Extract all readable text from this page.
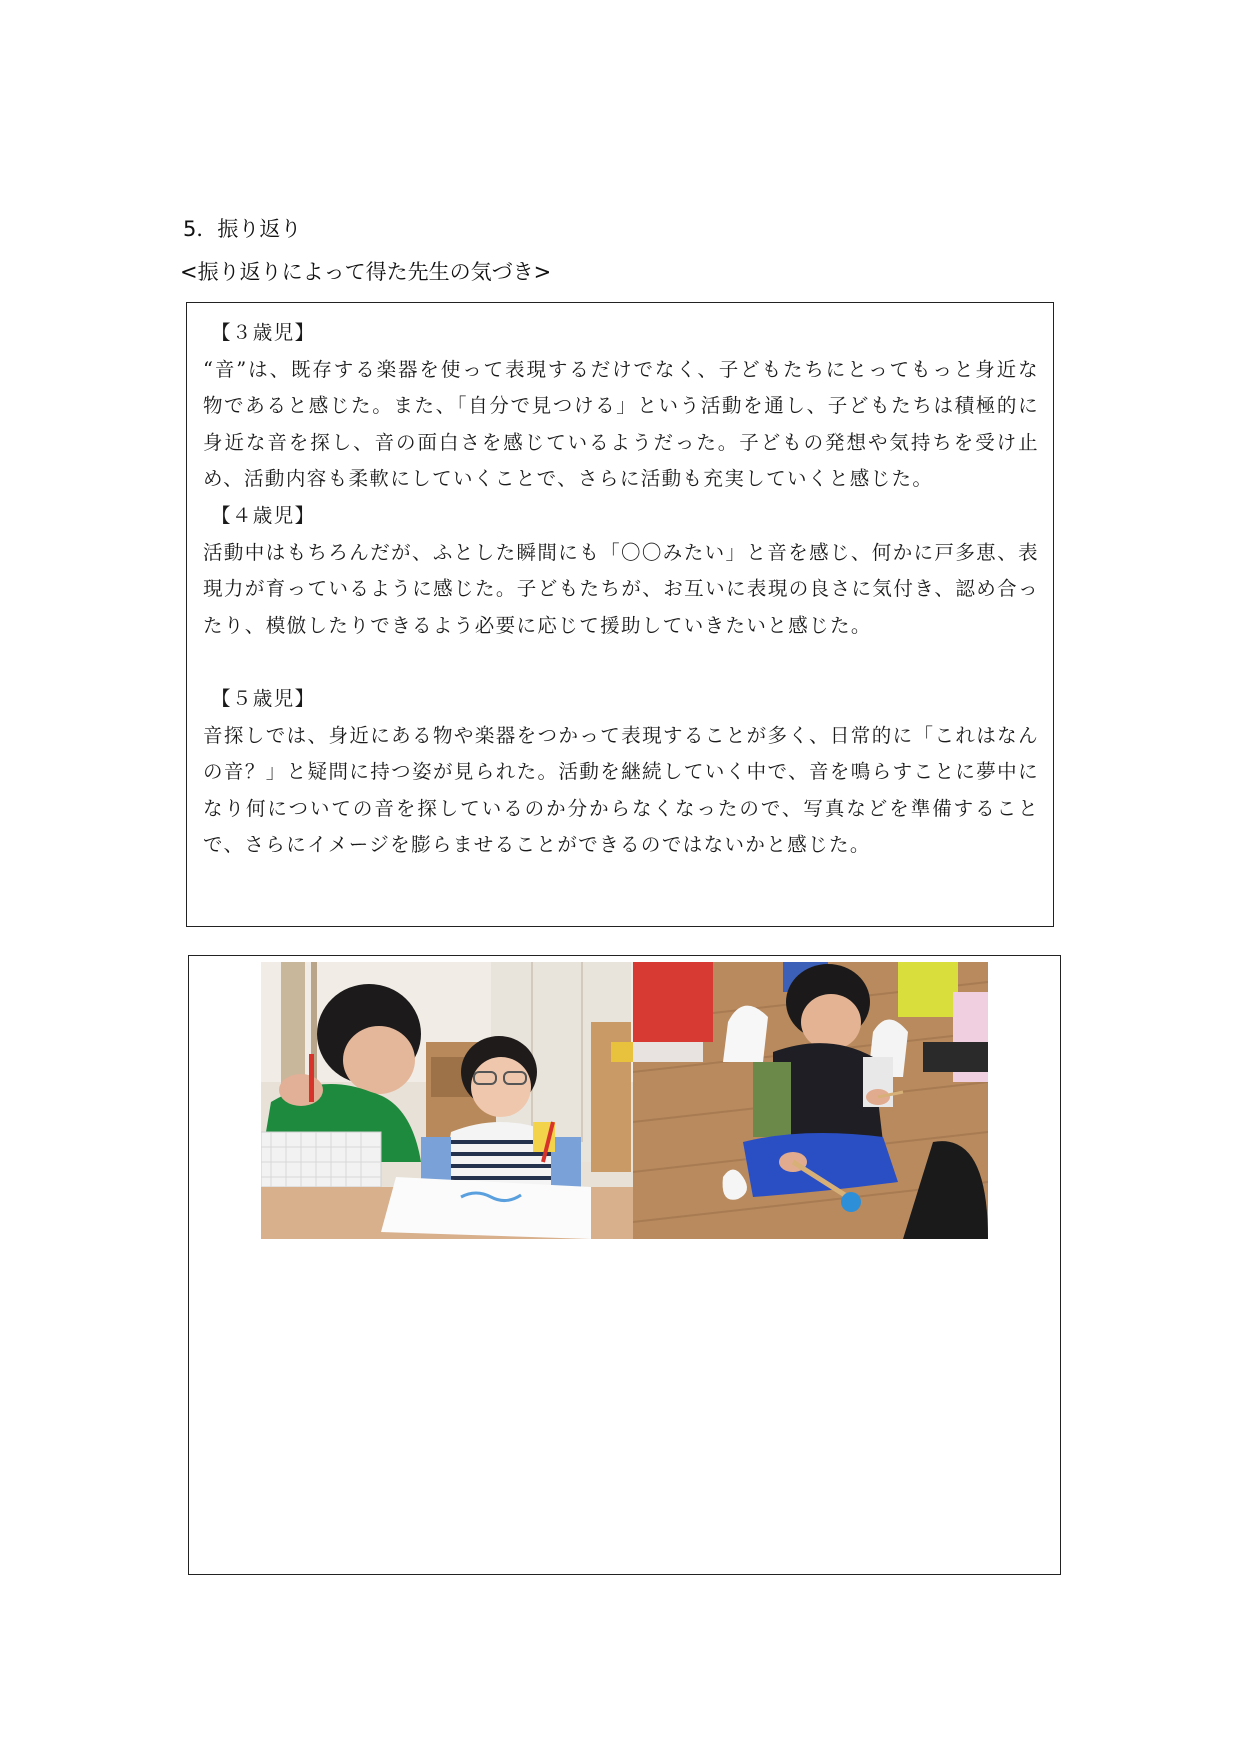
5．振り返り
<振り返りによって得た先生の気づき>

【３歳児】

“音”は、既存する楽器を使って表現するだけでなく、子どもたちにとってもっと身近な物であると感じた。また、「自分で見つける」という活動を通し、子どもたちは積極的に身近な音を探し、音の面白さを感じているようだった。子どもの発想や気持ちを受け止め、活動内容も柔軟にしていくことで、さらに活動も充実していくと感じた。

【４歳児】

活動中はもちろんだが、ふとした瞬間にも「〇〇みたい」と音を感じ、何かに戸多恵、表現力が育っているように感じた。子どもたちが、お互いに表現の良さに気付き、認め合ったり、模倣したりできるよう必要に応じて援助していきたいと感じた。

【５歳児】

音探しでは、身近にある物や楽器をつかって表現することが多く、日常的に「これはなんの音？」と疑問に持つ姿が見られた。活動を継続していく中で、音を鳴らすことに夢中になり何についての音を探しているのか分からなくなったので、写真などを準備することで、さらにイメージを膨らませることができるのではないかと感じた。
